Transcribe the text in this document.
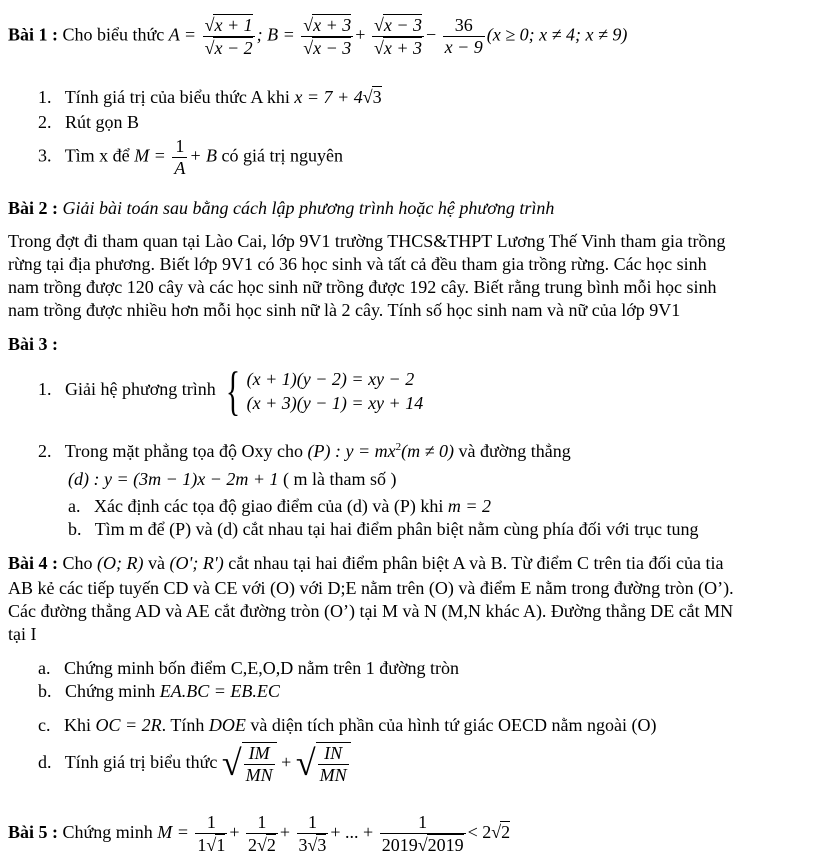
Bài 1 : Cho biểu thức $A = \frac{√x + 1}{√x - 2}$ ; $B = \frac{√x + 3}{√x - 3} + \frac{√x - 3}{√x + 3} - \frac{36}{x - 9} (x \ge 0$; x ≠ 4; x ≠ 9)
1. Tính giá trị của biểu thức A khi x = 7 + 4√3
2. Rút gọn B
3. Tìm x để $M = \frac{1}{A} + B$ có giá trị nguyên
Bài 2 : Giải bài toán sau bằng cách lập phương trình hoặc hệ phương trình
Trong đợt đi tham quan tại Lào Cai, lớp 9V1 trường THCS&THPT Lương Thế Vinh tham gia trồng
rừng tại địa phương. Biết lớp 9V1 có 36 học sinh và tất cả đều tham gia trồng rừng. Các học sinh
nam trồng được 120 cây và các học sinh nữ trồng được 192 cây. Biết rằng trung bình mỗi học sinh
nam trồng được nhiều hơn mỗi học sinh nữ là 2 cây. Tính số học sinh nam và nữ của lớp 9V1
Bài 3 :
1. Giải hệ phương trình { (x + 1)(y − 2) = xy − 2
(x + 3)(y − 1) = xy + 14
2. Trong mặt phẳng tọa độ Oxy cho (P) : $y = mx^2(m \ne 0)$ và đường thẳng
(d) : y = (3m − 1)x − 2m + 1 ( m là tham số )
a. Xác định các tọa độ giao điểm của (d) và (P) khi m = 2
b. Tìm m để (P) và (d) cắt nhau tại hai điểm phân biệt nằm cùng phía đối với trục tung
Bài 4 : Cho (O; R) và (O'; R') cắt nhau tại hai điểm phân biệt A và B. Từ điểm C trên tia đối của tia
AB kẻ các tiếp tuyến CD và CE với (O) với D;E nằm trên (O) và điểm E nằm trong đường tròn (O’).
Các đường thẳng AD và AE cắt đường tròn (O’) tại M và N (M,N khác A). Đường thẳng DE cắt MN
tại I
a. Chứng minh bốn điểm C,E,O,D nằm trên 1 đường tròn
b. Chứng minh EA.BC = EB.EC
c. Khi OC = 2R. Tính DOE và diện tích phần của hình tứ giác OECD nằm ngoài (O)
d. Tính giá trị biểu thức √ $\frac{IM}{MN}$ + √ $\frac{IN}{MN}$
Bài 5 : Chứng minh $M = \frac{1}{1√1} + \frac{1}{2√2} + \frac{1}{3√3}$ + ... + $\frac{1}{2019√2019} < 2√2$
